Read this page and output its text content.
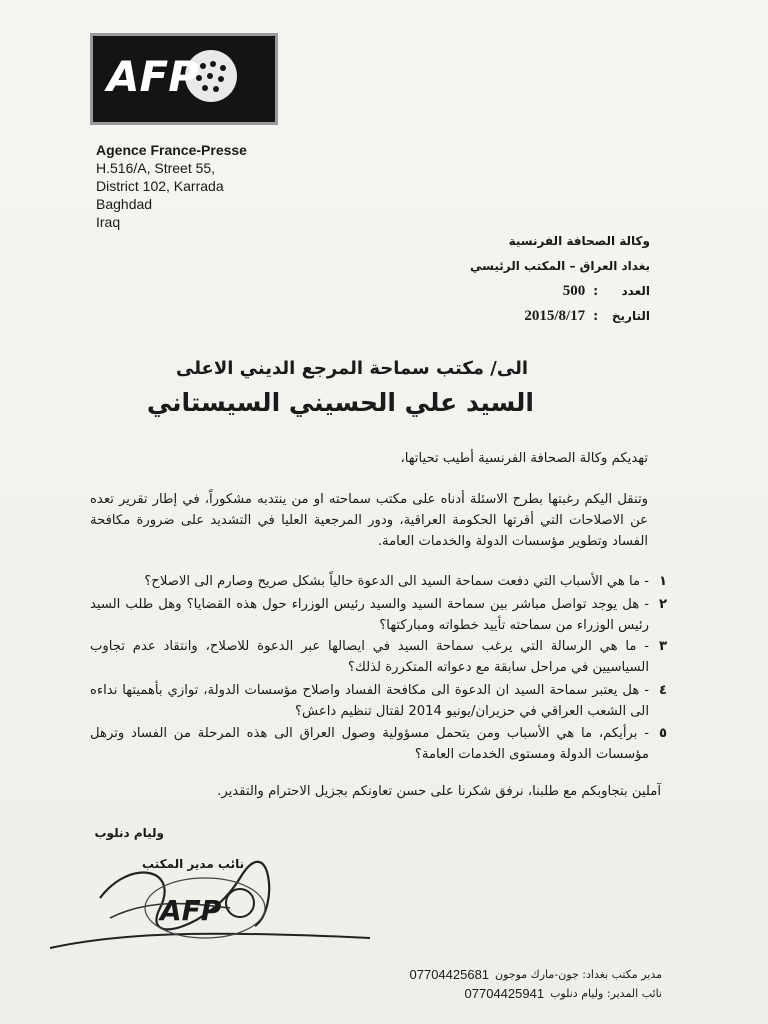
AFP
Agence France-Presse
H.516/A, Street 55,
District 102, Karrada
Baghdad
Iraq
وكالة الصحافة الفرنسية
بغداد العراق – المكتب الرئيسي
العدد
:
500
التاريخ
:
2015/8/17
الى/ مكتب سماحة المرجع الديني الاعلى
السيد علي الحسيني السيستاني
تهديكم وكالة الصحافة الفرنسية أطيب تحياتها،
وتنقل اليكم رغبتها بطرح الاسئلة أدناه على مكتب سماحته او من ينتدبه مشكوراً، في إطار تقرير تعده عن الاصلاحات التي أقرتها الحكومة العراقية، ودور المرجعية العليا في التشديد على ضرورة مكافحة الفساد وتطوير مؤسسات الدولة والخدمات العامة.
١
- ما هي الأسباب التي دفعت سماحة السيد الى الدعوة حالياً بشكل صريح وصارم الى الاصلاح؟
٢
- هل يوجد تواصل مباشر بين سماحة السيد والسيد رئيس الوزراء حول هذه القضايا؟ وهل طلب السيد رئيس الوزراء من سماحته تأييد خطواته ومباركتها؟
٣
- ما هي الرسالة التي يرغب سماحة السيد في ايصالها عبر الدعوة للاصلاح، وانتقاد عدم تجاوب السياسيين في مراحل سابقة مع دعواته المتكررة لذلك؟
٤
- هل يعتبر سماحة السيد ان الدعوة الى مكافحة الفساد واصلاح مؤسسات الدولة، توازي بأهميتها نداءه الى الشعب العراقي في حزيران/يونيو 2014 لقتال تنظيم داعش؟
٥
- برأيكم، ما هي الأسباب ومن يتحمل مسؤولية وصول العراق الى هذه المرحلة من الفساد وترهل مؤسسات الدولة ومستوى الخدمات العامة؟
آملين بتجاوبكم مع طلبنا، نرفق شكرنا على حسن تعاونكم بجزيل الاحترام والتقدير.
AFP
وليام دنلوب
نائب مدير المكتب
مدير مكتب بغداد: جون-مارك موجون
07704425681
نائب المدير: وليام دنلوب
07704425941
